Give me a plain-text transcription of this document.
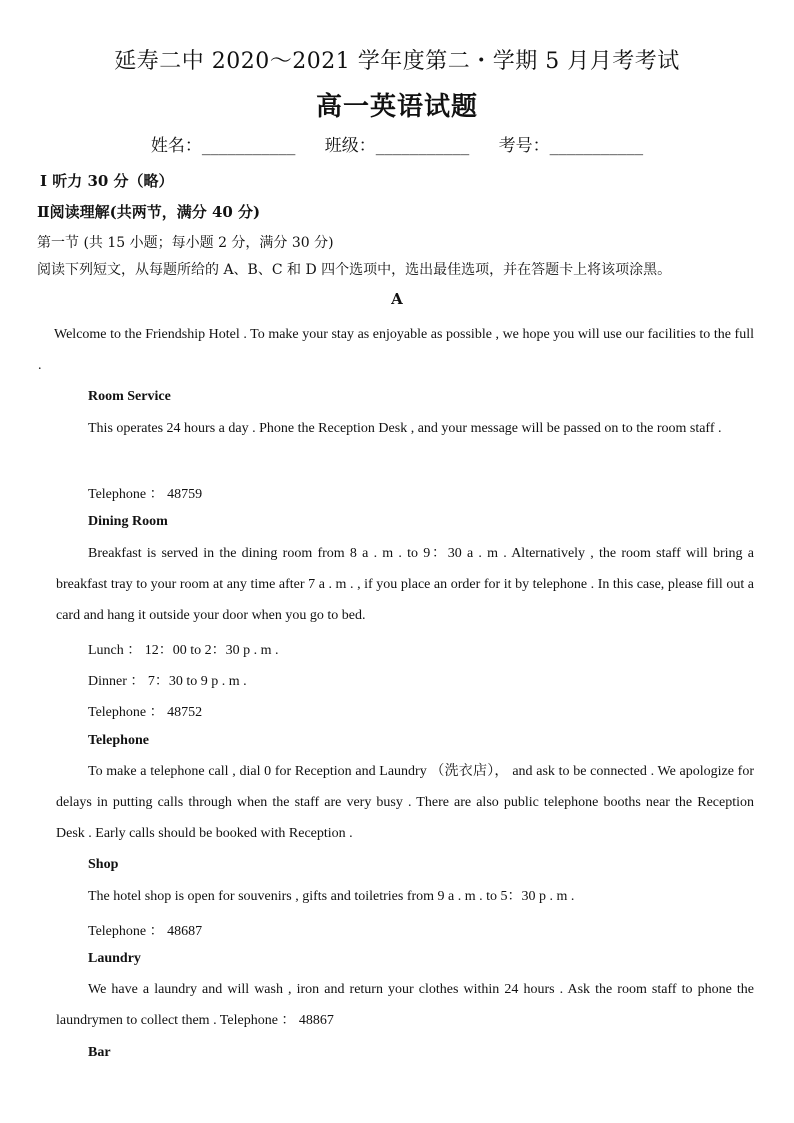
延寿二中 2020～2021 学年度第二・学期 5 月月考考试
高一英语试题
姓名：___________ 班级：___________ 考号：___________
I 听力 30 分（略）
Ⅱ阅读理解(共两节，满分 40 分)
第一节 (共 15 小题；每小题 2 分，满分 30 分)
阅读下列短文，从每题所给的 A、B、C 和 D 四个选项中，选出最佳选项，并在答题卡上将该项涂黑。
A
Welcome to the Friendship Hotel . To make your stay as enjoyable as possible , we hope you will use our facilities to the full .
Room Service
This operates 24 hours a day . Phone the Reception Desk , and your message will be passed on to the room staff .
Telephone ： 48759
Dining Room
Breakfast is served in the dining room from 8 a . m . to 9：30 a . m . Alternatively , the room staff will bring a breakfast tray to your room at any time after 7 a . m . , if you place an order for it by telephone . In this case, please fill out a card and hang it outside your door when you go to bed.
Lunch ： 12：00 to 2：30 p . m .
Dinner ： 7：30 to 9 p . m .
Telephone ： 48752
Telephone
To make a telephone call , dial 0 for Reception and Laundry （洗衣店）， and ask to be connected . We apologize for delays in putting calls through when the staff are very busy . There are also public telephone booths near the Reception Desk . Early calls should be booked with Reception .
Shop
The hotel shop is open for souvenirs , gifts and toiletries from 9 a . m . to 5：30 p . m .
Telephone ： 48687
Laundry
We have a laundry and will wash , iron and return your clothes within 24 hours . Ask the room staff to phone the laundrymen to collect them . Telephone ： 48867
Bar
